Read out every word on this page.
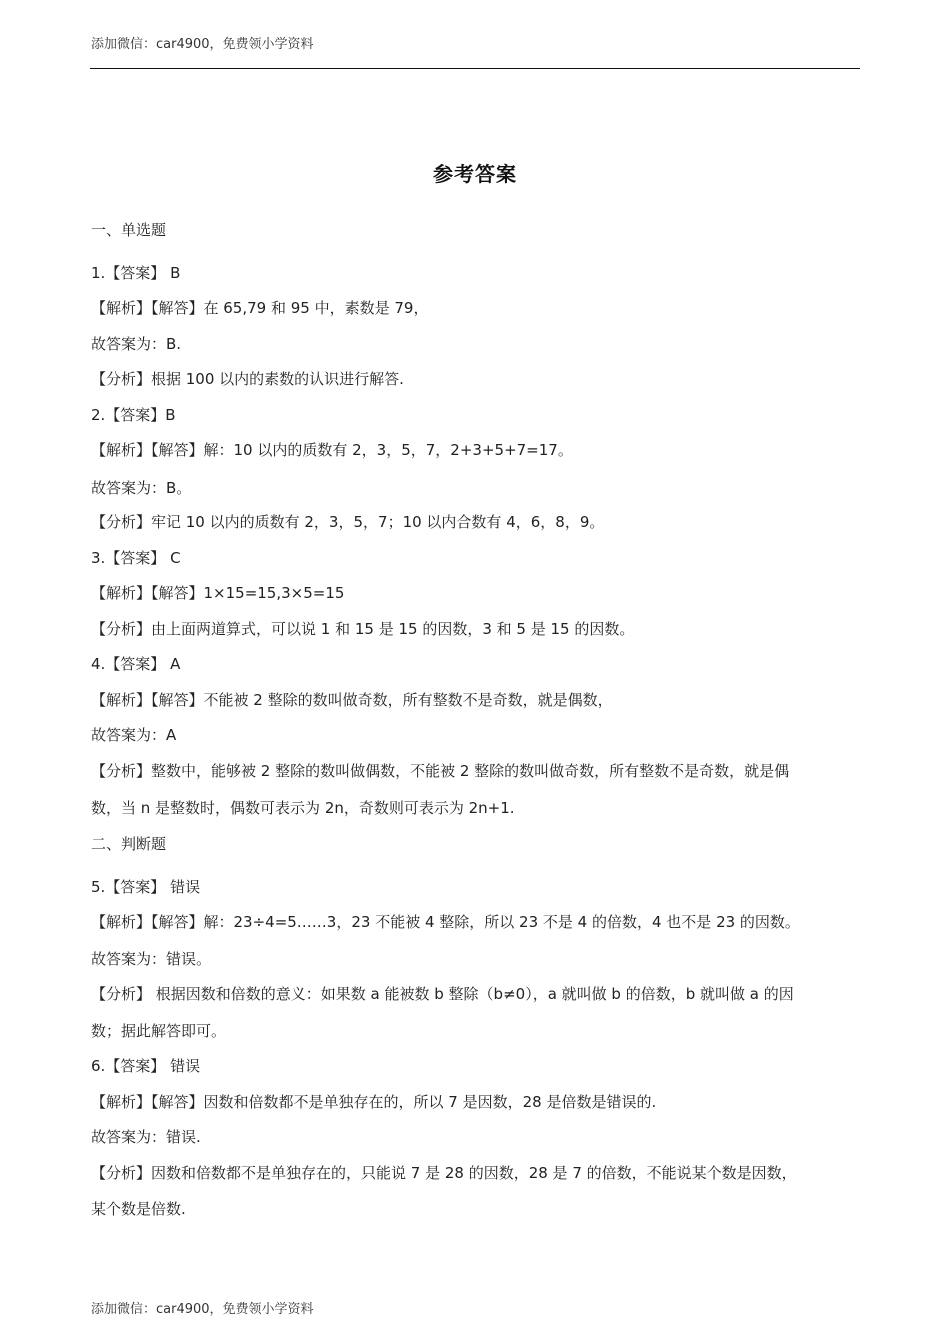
添加微信：car4900，免费领小学资料
参考答案
一、单选题
1.【答案】 B
【解析】【解答】在 65,79 和 95 中，素数是 79，
故答案为：B.
【分析】根据 100 以内的素数的认识进行解答.
2.【答案】B
【解析】【解答】解：10 以内的质数有 2，3，5，7，2+3+5+7=17。
故答案为：B。
【分析】牢记 10 以内的质数有 2，3，5，7；10 以内合数有 4，6，8，9。
3.【答案】 C
【解析】【解答】1×15=15,3×5=15
【分析】由上面两道算式，可以说 1 和 15 是 15 的因数，3 和 5 是 15 的因数。
4.【答案】 A
【解析】【解答】不能被 2 整除的数叫做奇数，所有整数不是奇数，就是偶数，
故答案为：A
【分析】整数中，能够被 2 整除的数叫做偶数，不能被 2 整除的数叫做奇数，所有整数不是奇数，就是偶
数，当 n 是整数时，偶数可表示为 2n，奇数则可表示为 2n+1.
二、判断题
5.【答案】 错误
【解析】【解答】解：23÷4=5……3，23 不能被 4 整除，所以 23 不是 4 的倍数，4 也不是 23 的因数。
故答案为：错误。
【分析】 根据因数和倍数的意义：如果数 a 能被数 b 整除（b≠0），a 就叫做 b 的倍数，b 就叫做 a 的因
数；据此解答即可。
6.【答案】 错误
【解析】【解答】因数和倍数都不是单独存在的，所以 7 是因数，28 是倍数是错误的.
故答案为：错误.
【分析】因数和倍数都不是单独存在的，只能说 7 是 28 的因数，28 是 7 的倍数，不能说某个数是因数，
某个数是倍数.
添加微信：car4900，免费领小学资料
